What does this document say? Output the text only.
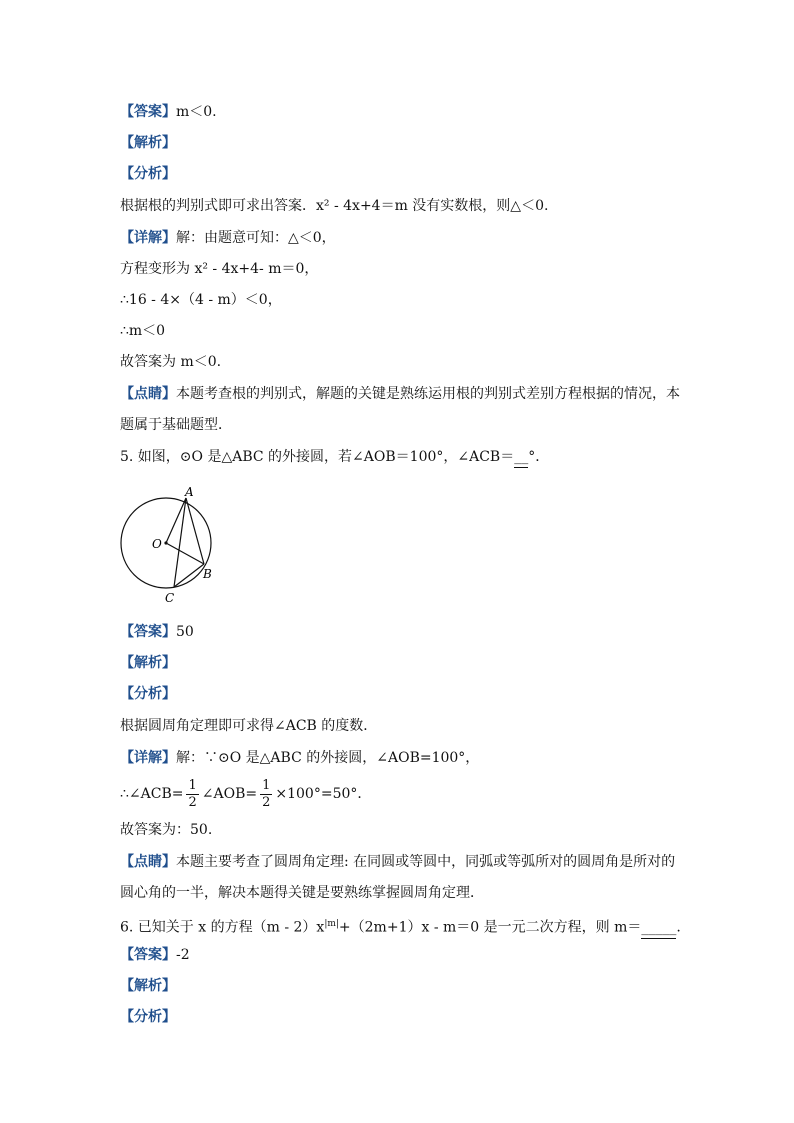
【答案】m＜0.
【解析】
【分析】
根据根的判别式即可求出答案．x² - 4x+4＝m 没有实数根，则△＜0.
【详解】解：由题意可知：△＜0，
方程变形为 x² - 4x+4- m＝0，
∴16 - 4×（4 - m）＜0，
∴m＜0
故答案为 m＜0.
【点睛】本题考查根的判别式，解题的关键是熟练运用根的判别式差别方程根据的情况，本
题属于基础题型．
5. 如图，⊙O 是△ABC 的外接圆，若∠AOB＝100°，∠ACB＝__°．
A
B
C
O
【答案】50
【解析】
【分析】
根据圆周角定理即可求得∠ACB 的度数．
【详解】解：∵⊙O 是△ABC 的外接圆，∠AOB=100°，
∴∠ACB= $\frac{1}{2}$ ∠AOB= $\frac{1}{2} \times 100^\circ=50^\circ$．
故答案为：50.
【点睛】本题主要考查了圆周角定理: 在同圆或等圆中，同弧或等弧所对的圆周角是所对的
圆心角的一半，解决本题得关键是要熟练掌握圆周角定理．
6. 已知关于 x 的方程$(m - 2)x^{|m|}+(2m+1)x - m=0$ 是一元二次方程，则 m＝_____.
【答案】-2
【解析】
【分析】
